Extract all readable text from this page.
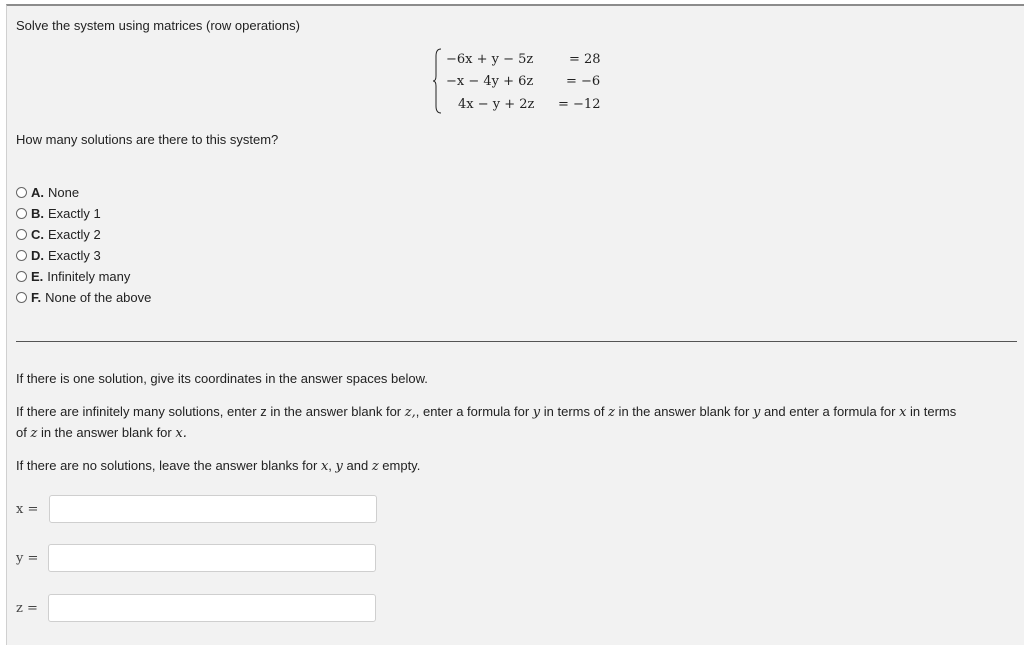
Solve the system using matrices (row operations)
−6x + y − 5z	= 28
−x − 4y + 6z	= −6
4x − y + 2z = −12
How many solutions are there to this system?
A. None
B. Exactly 1
C. Exactly 2
D. Exactly 3
E. Infinitely many
F. None of the above
If there is one solution, give its coordinates in the answer spaces below.
If there are infinitely many solutions, enter z in the answer blank for z,, enter a formula for y in terms of z in the answer blank for y and enter a formula for x in terms
of z in the answer blank for x.
If there are no solutions, leave the answer blanks for x, y and z empty.
x =
y =
z =
